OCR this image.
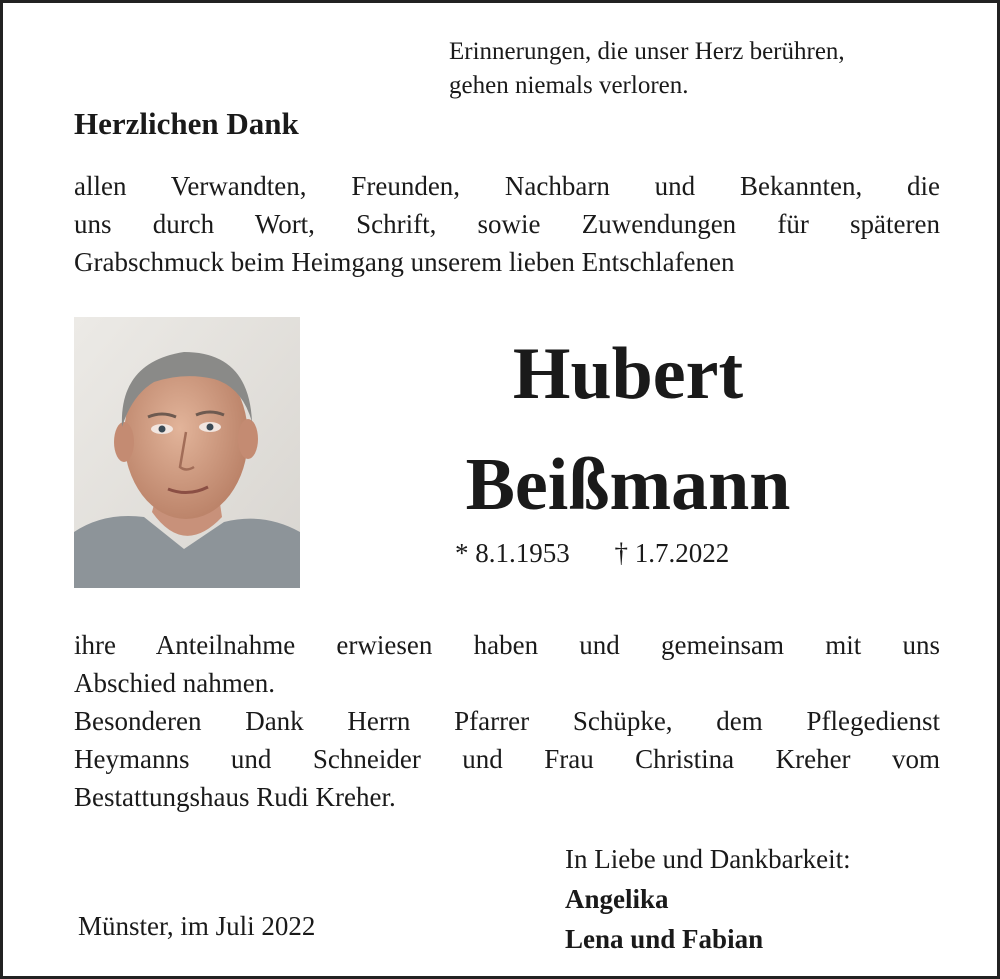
Erinnerungen, die unser Herz berühren,
gehen niemals verloren.
Herzlichen Dank
allen Verwandten, Freunden, Nachbarn und Bekannten, die
uns durch Wort, Schrift, sowie Zuwendungen für späteren
Grabschmuck beim Heimgang unserem lieben Entschlafenen
Hubert
Beißmann
* 8.1.1953 † 1.7.2022
ihre Anteilnahme erwiesen haben und gemeinsam mit uns
Abschied nahmen.
Besonderen Dank Herrn Pfarrer Schüpke, dem Pflegedienst
Heymanns und Schneider und Frau Christina Kreher vom
Bestattungshaus Rudi Kreher.
In Liebe und Dankbarkeit:
Angelika
Lena und Fabian
Münster, im Juli 2022
